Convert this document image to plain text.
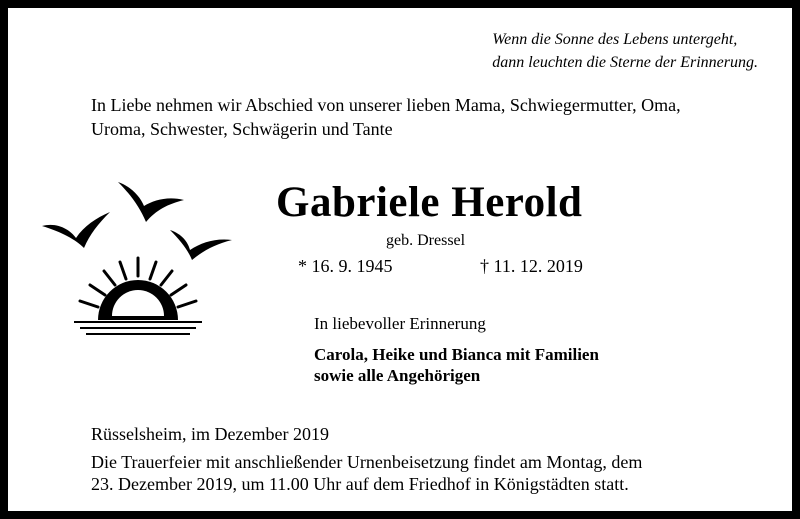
Wenn die Sonne des Lebens untergeht,
dann leuchten die Sterne der Erinnerung.
In Liebe nehmen wir Abschied von unserer lieben Mama, Schwiegermutter, Oma,
Uroma, Schwester, Schwägerin und Tante
Gabriele Herold
geb. Dressel
* 16. 9. 1945	† 11. 12. 2019
In liebevoller Erinnerung
Carola, Heike und Bianca mit Familien
sowie alle Angehörigen
Rüsselsheim, im Dezember 2019
Die Trauerfeier mit anschließender Urnenbeisetzung findet am Montag, dem
23. Dezember 2019, um 11.00 Uhr auf dem Friedhof in Königstädten statt.
